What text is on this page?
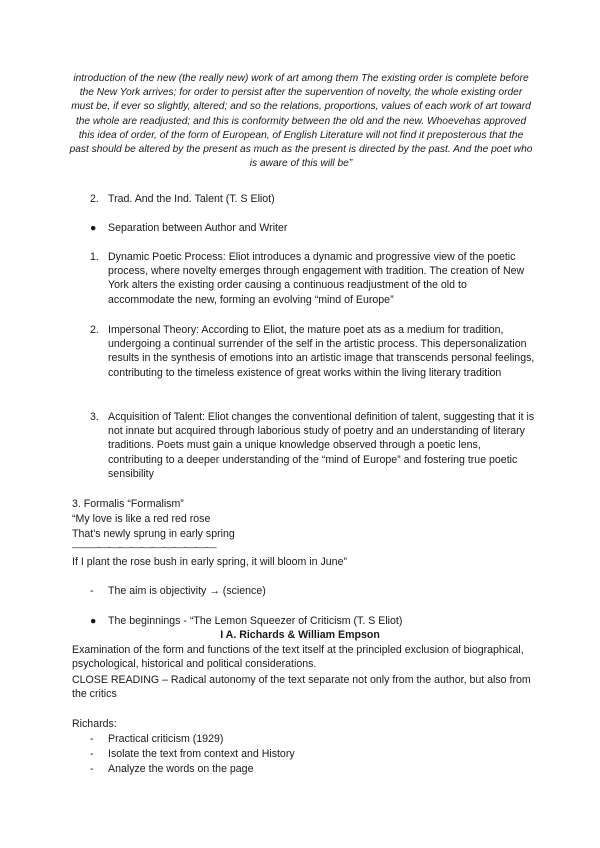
introduction of the new (the really new) work of art among them The existing order is complete before the New York arrives; for order to persist after the supervention of novelty, the whole existing order must be, if ever so slightly, altered; and so the relations, proportions, values of each work of art toward the whole are readjusted; and this is conformity between the old and the new. Whoevehas approved this idea of order, of the form of European, of English Literature will not find it preposterous that the past should be altered by the present as much as the present is directed by the past. And the poet who is aware of this will be”
2. Trad. And the Ind. Talent (T. S Eliot)
●	Separation between Author and Writer
1. Dynamic Poetic Process: Eliot introduces a dynamic and progressive view of the poetic process, where novelty emerges through engagement with tradition. The creation of New York alters the existing order causing a continuous readjustment of the old to accommodate the new, forming an evolving “mind of Europe”
2. Impersonal Theory: According to Eliot, the mature poet ats as a medium for tradition, undergoing a continual surrender of the self in the artistic process. This depersonalization results in the synthesis of emotions into an artistic image that transcends personal feelings, contributing to the timeless existence of great works within the living literary tradition
3. Acquisition of Talent: Eliot changes the conventional definition of talent, suggesting that it is not innate but acquired through laborious study of poetry and an understanding of literary traditions. Poets must gain a unique knowledge observed through a poetic lens, contributing to a deeper understanding of the “mind of Europe” and fostering true poetic sensibility
3. Formalis “Formalism”
“My love is like a red red rose
That's newly sprung in early spring
———-—-—-—-—-—-—-—-—-—-—-—
If I plant the rose bush in early spring, it will bloom in June”
-	The aim is objectivity → (science)
●	The beginnings - “The Lemon Squeezer of Criticism (T. S Eliot)
I A. Richards & William Empson
Examination of the form and functions of the text itself at the principled exclusion of biographical, psychological, historical and political considerations.
CLOSE READING – Radical autonomy of the text separate not only from the author, but also from the critics
Richards:
-	Practical criticism (1929)
-	Isolate the text from context and History
-	Analyze the words on the page
